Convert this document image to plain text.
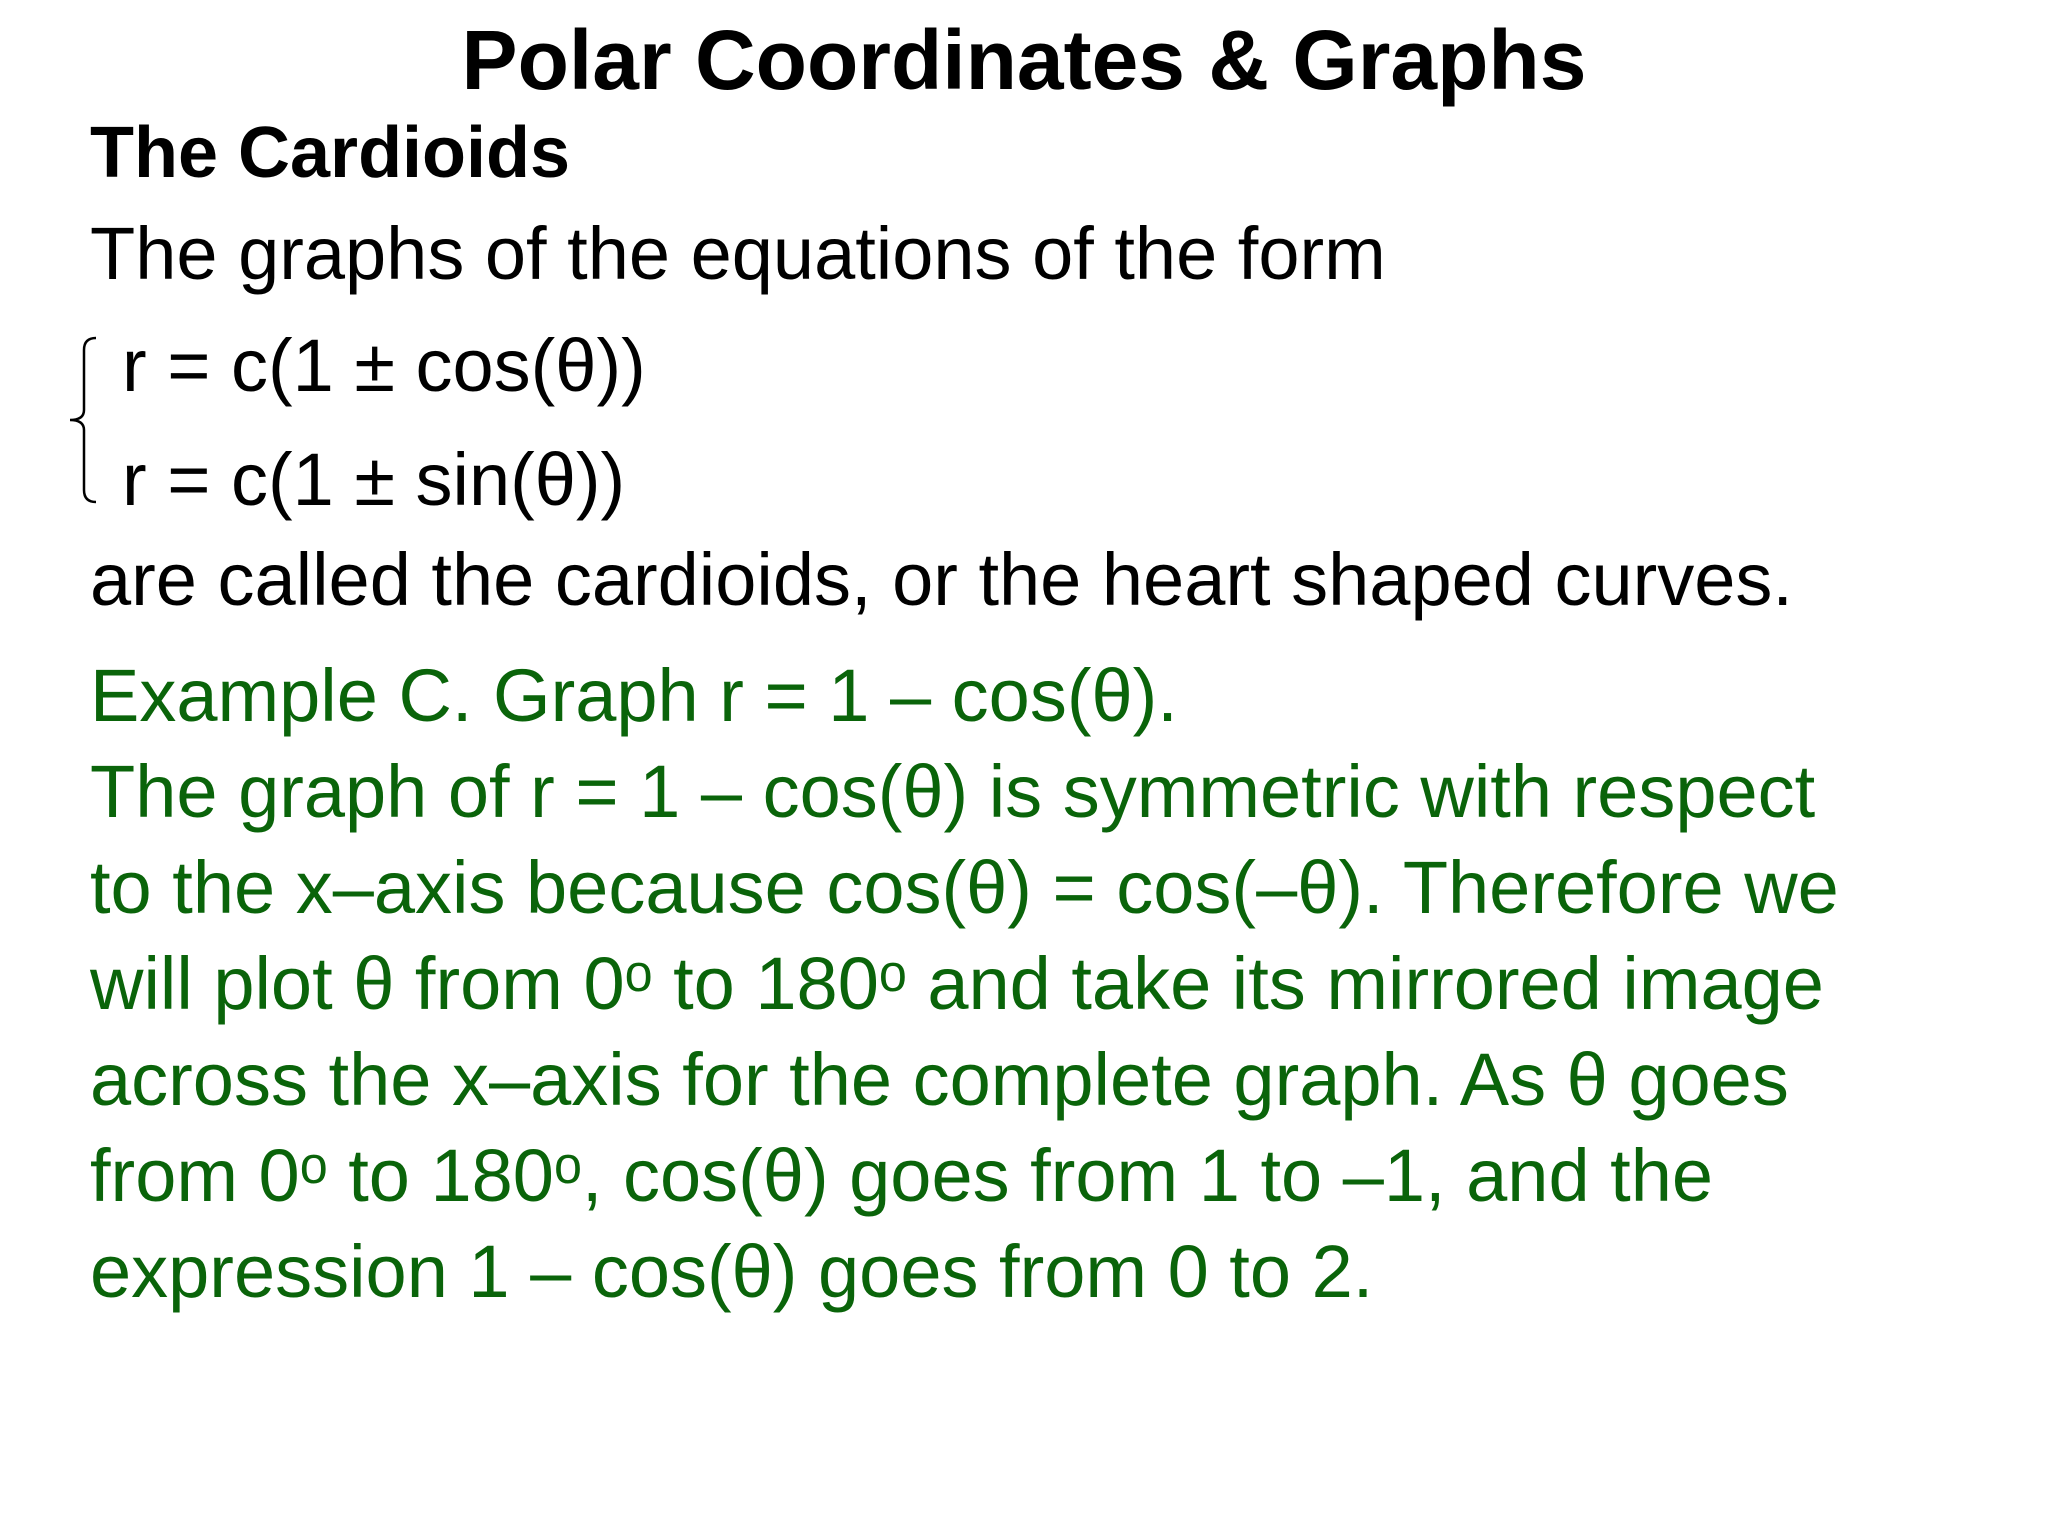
Polar Coordinates & Graphs
The Cardioids
The graphs of the equations of the form
r = c(1 ± cos(θ))
r = c(1 ± sin(θ))
are called the cardioids, or the heart shaped curves.
Example C. Graph r = 1 – cos(θ).
The graph of r = 1 – cos(θ) is symmetric with respect
to the x–axis because cos(θ) = cos(–θ). Therefore we
will plot θ from 0ᵒ to 180ᵒ and take its mirrored image
across the x–axis for the complete graph. As θ goes
from 0ᵒ to 180ᵒ, cos(θ) goes from 1 to –1, and the
expression 1 – cos(θ) goes from 0 to 2.
